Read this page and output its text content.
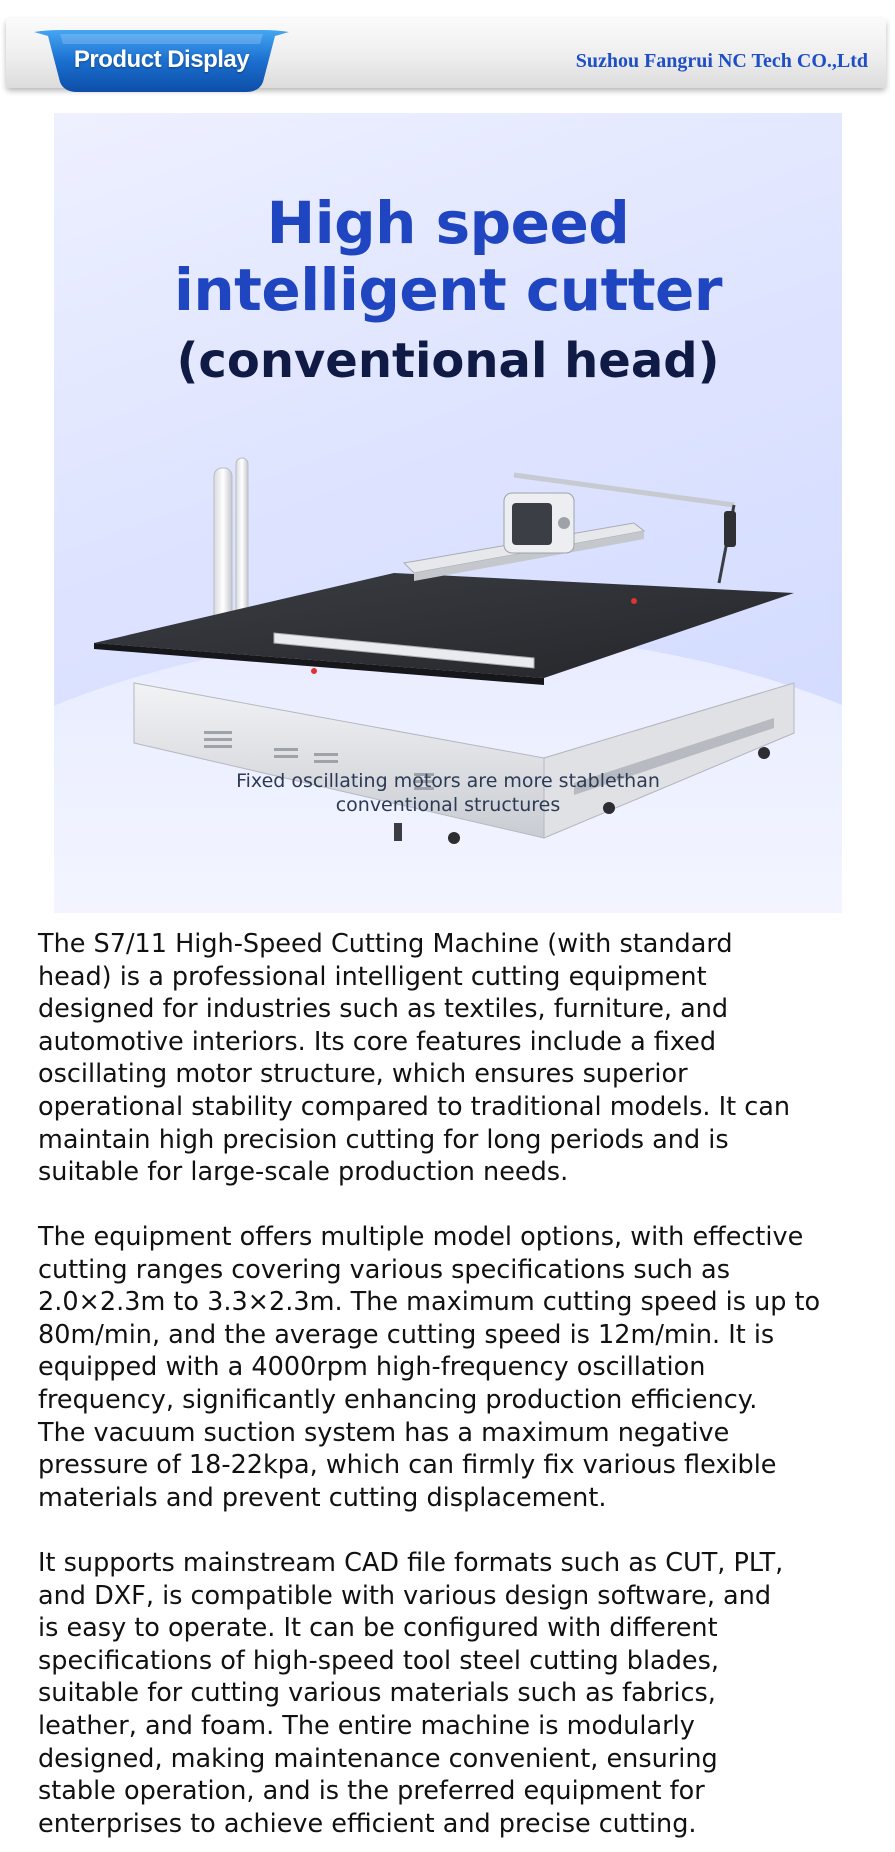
Product Display	Suzhou Fangrui NC Tech CO.,Ltd
High speed
intelligent cutter
(conventional head)
Fixed oscillating motors are more stablethan
conventional structures

The S7/11 High-Speed Cutting Machine (with standard

head) is a professional intelligent cutting equipment

designed for industries such as textiles, furniture, and

automotive interiors. Its core features include a fixed

oscillating motor structure, which ensures superior

operational stability compared to traditional models. It can

maintain high precision cutting for long periods and is

suitable for large-scale production needs.

The equipment offers multiple model options, with effective

cutting ranges covering various specifications such as

2.0×2.3m to 3.3×2.3m. The maximum cutting speed is up to

80m/min, and the average cutting speed is 12m/min. It is

equipped with a 4000rpm high-frequency oscillation

frequency, significantly enhancing production efficiency.

The vacuum suction system has a maximum negative

pressure of 18-22kpa, which can firmly fix various flexible

materials and prevent cutting displacement.

It supports mainstream CAD file formats such as CUT, PLT,

and DXF, is compatible with various design software, and

is easy to operate. It can be configured with different

specifications of high-speed tool steel cutting blades,

suitable for cutting various materials such as fabrics,

leather, and foam. The entire machine is modularly

designed, making maintenance convenient, ensuring

stable operation, and is the preferred equipment for

enterprises to achieve efficient and precise cutting.
